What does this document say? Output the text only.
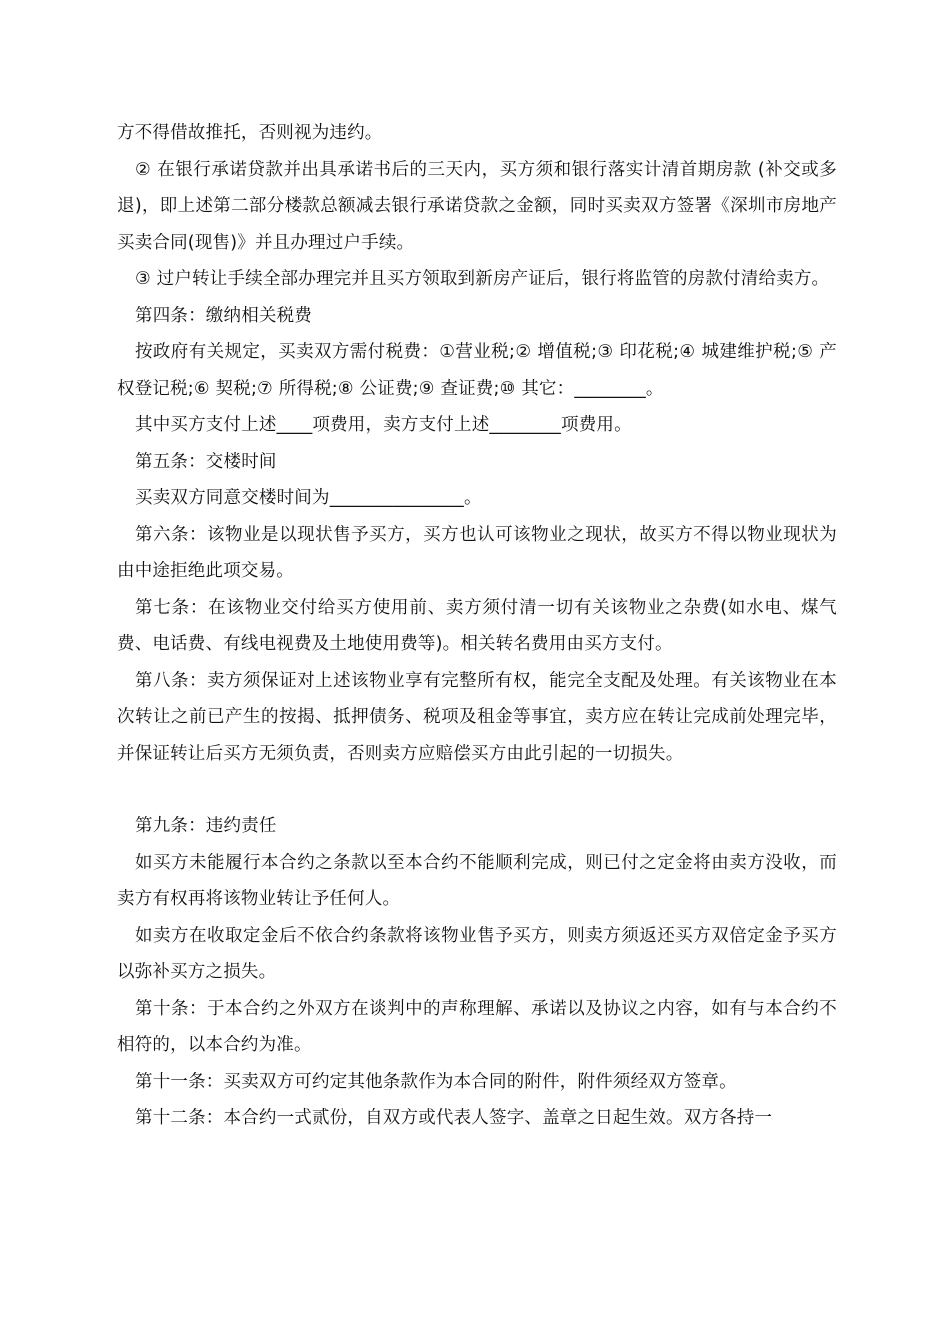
方不得借故推托，否则视为违约。

② 在银行承诺贷款并出具承诺书后的三天内，买方须和银行落实计清首期房款 (补交或多退)，即上述第二部分楼款总额减去银行承诺贷款之金额，同时买卖双方签署《深圳市房地产买卖合同(现售)》并且办理过户手续。

③ 过户转让手续全部办理完并且买方领取到新房产证后，银行将监管的房款付清给卖方。

第四条：缴纳相关税费

按政府有关规定，买卖双方需付税费：①营业税;② 增值税;③ 印花税;④ 城建维护税;⑤ 产权登记税;⑥ 契税;⑦ 所得税;⑧ 公证费;⑨ 查证费;⑩ 其它：________。

其中买方支付上述____项费用，卖方支付上述________项费用。

第五条：交楼时间

买卖双方同意交楼时间为_______________。

第六条：该物业是以现状售予买方，买方也认可该物业之现状，故买方不得以物业现状为由中途拒绝此项交易。

第七条：在该物业交付给买方使用前、卖方须付清一切有关该物业之杂费(如水电、煤气费、电话费、有线电视费及土地使用费等)。相关转名费用由买方支付。

第八条：卖方须保证对上述该物业享有完整所有权，能完全支配及处理。有关该物业在本次转让之前已产生的按揭、抵押债务、税项及租金等事宜，卖方应在转让完成前处理完毕，并保证转让后买方无须负责，否则卖方应赔偿买方由此引起的一切损失。

第九条：违约责任

如买方未能履行本合约之条款以至本合约不能顺利完成，则已付之定金将由卖方没收，而卖方有权再将该物业转让予任何人。

如卖方在收取定金后不依合约条款将该物业售予买方，则卖方须返还买方双倍定金予买方以弥补买方之损失。

第十条：于本合约之外双方在谈判中的声称理解、承诺以及协议之内容，如有与本合约不相符的，以本合约为准。

第十一条：买卖双方可约定其他条款作为本合同的附件，附件须经双方签章。

第十二条：本合约一式贰份，自双方或代表人签字、盖章之日起生效。双方各持一
